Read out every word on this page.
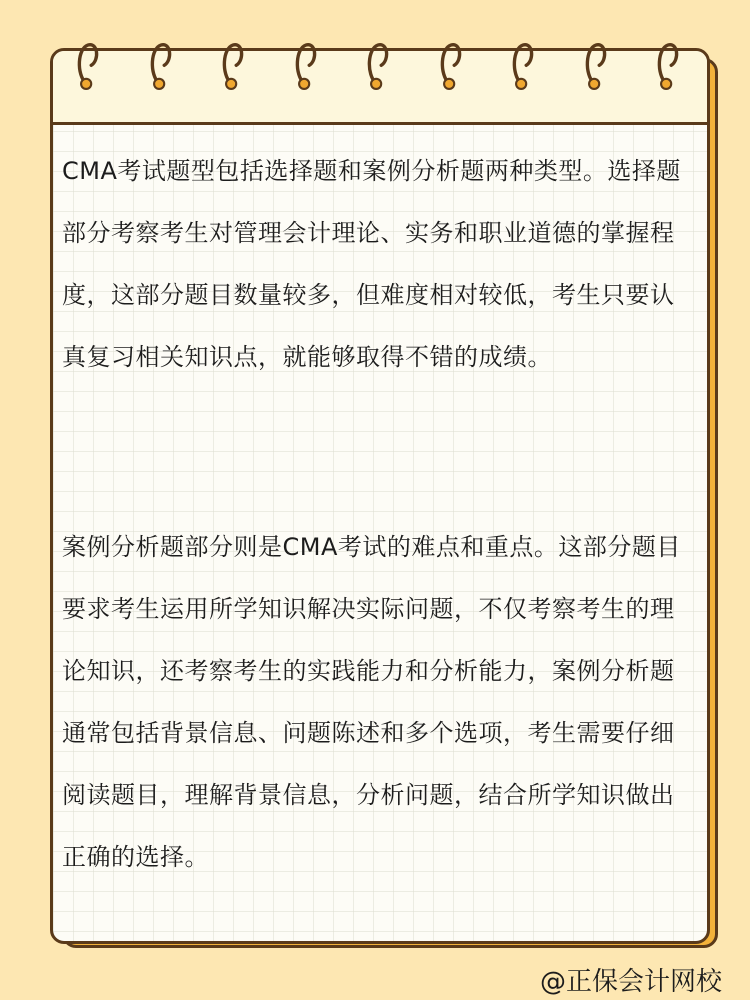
CMA考试题型包括选择题和案例分析题两种类型。选择题部分考察考生对管理会计理论、实务和职业道德的掌握程度，这部分题目数量较多，但难度相对较低，考生只要认真复习相关知识点，就能够取得不错的成绩。

案例分析题部分则是CMA考试的难点和重点。这部分题目要求考生运用所学知识解决实际问题，不仅考察考生的理论知识，还考察考生的实践能力和分析能力，案例分析题通常包括背景信息、问题陈述和多个选项，考生需要仔细阅读题目，理解背景信息，分析问题，结合所学知识做出正确的选择。

@正保会计网校
